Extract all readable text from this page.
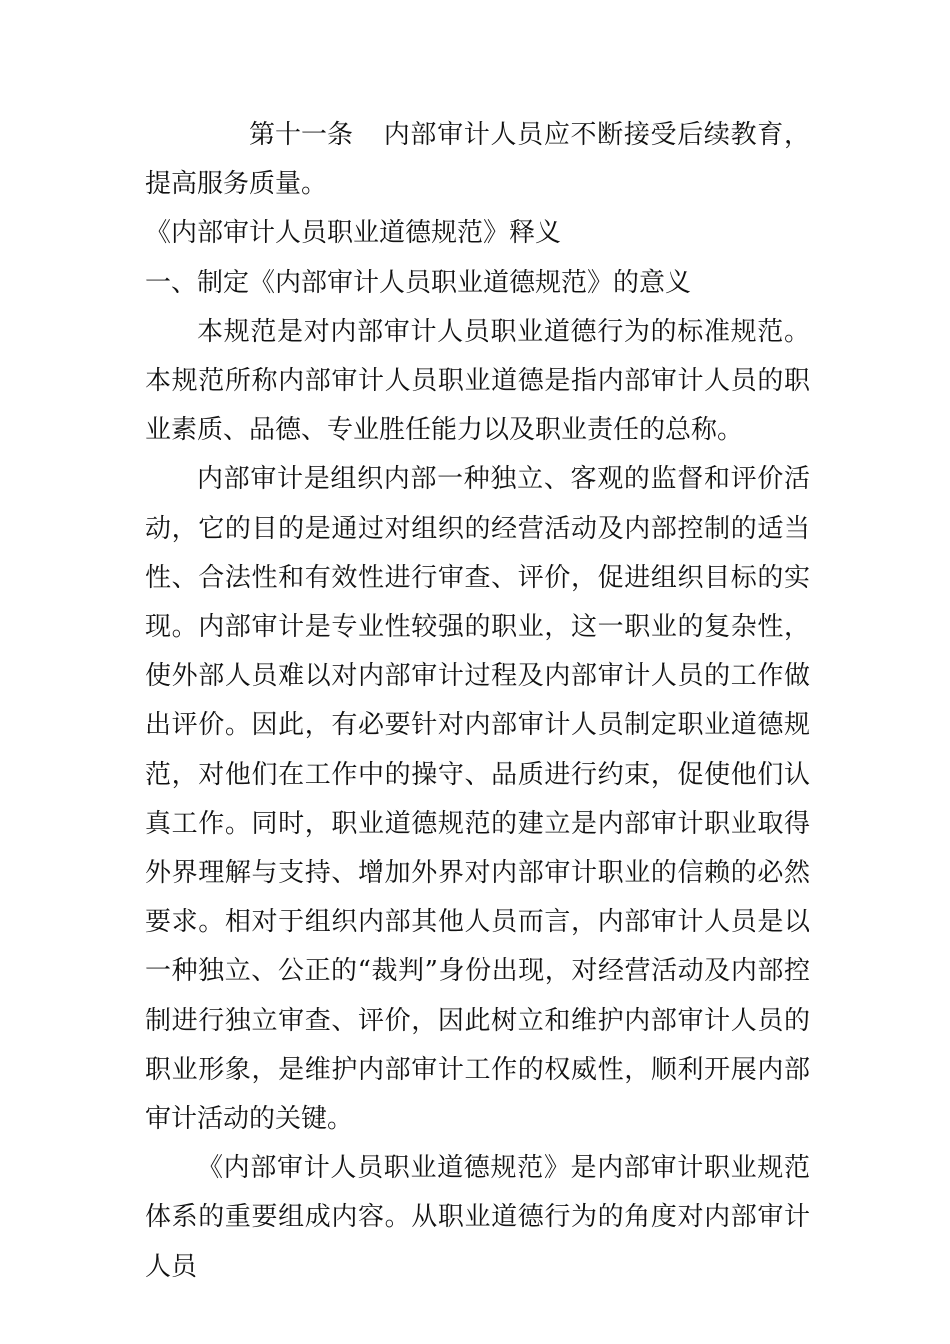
第十一条 内部审计人员应不断接受后续教育，提高服务质量。

《内部审计人员职业道德规范》释义

一、制定《内部审计人员职业道德规范》的意义

本规范是对内部审计人员职业道德行为的标准规范。本规范所称内部审计人员职业道德是指内部审计人员的职业素质、品德、专业胜任能力以及职业责任的总称。

内部审计是组织内部一种独立、客观的监督和评价活动，它的目的是通过对组织的经营活动及内部控制的适当性、合法性和有效性进行审查、评价，促进组织目标的实现。内部审计是专业性较强的职业，这一职业的复杂性，使外部人员难以对内部审计过程及内部审计人员的工作做出评价。因此，有必要针对内部审计人员制定职业道德规范，对他们在工作中的操守、品质进行约束，促使他们认真工作。同时，职业道德规范的建立是内部审计职业取得外界理解与支持、增加外界对内部审计职业的信赖的必然要求。相对于组织内部其他人员而言，内部审计人员是以一种独立、公正的“裁判”身份出现，对经营活动及内部控制进行独立审查、评价，因此树立和维护内部审计人员的职业形象，是维护内部审计工作的权威性，顺利开展内部审计活动的关键。

《内部审计人员职业道德规范》是内部审计职业规范体系的重要组成内容。从职业道德行为的角度对内部审计人员
